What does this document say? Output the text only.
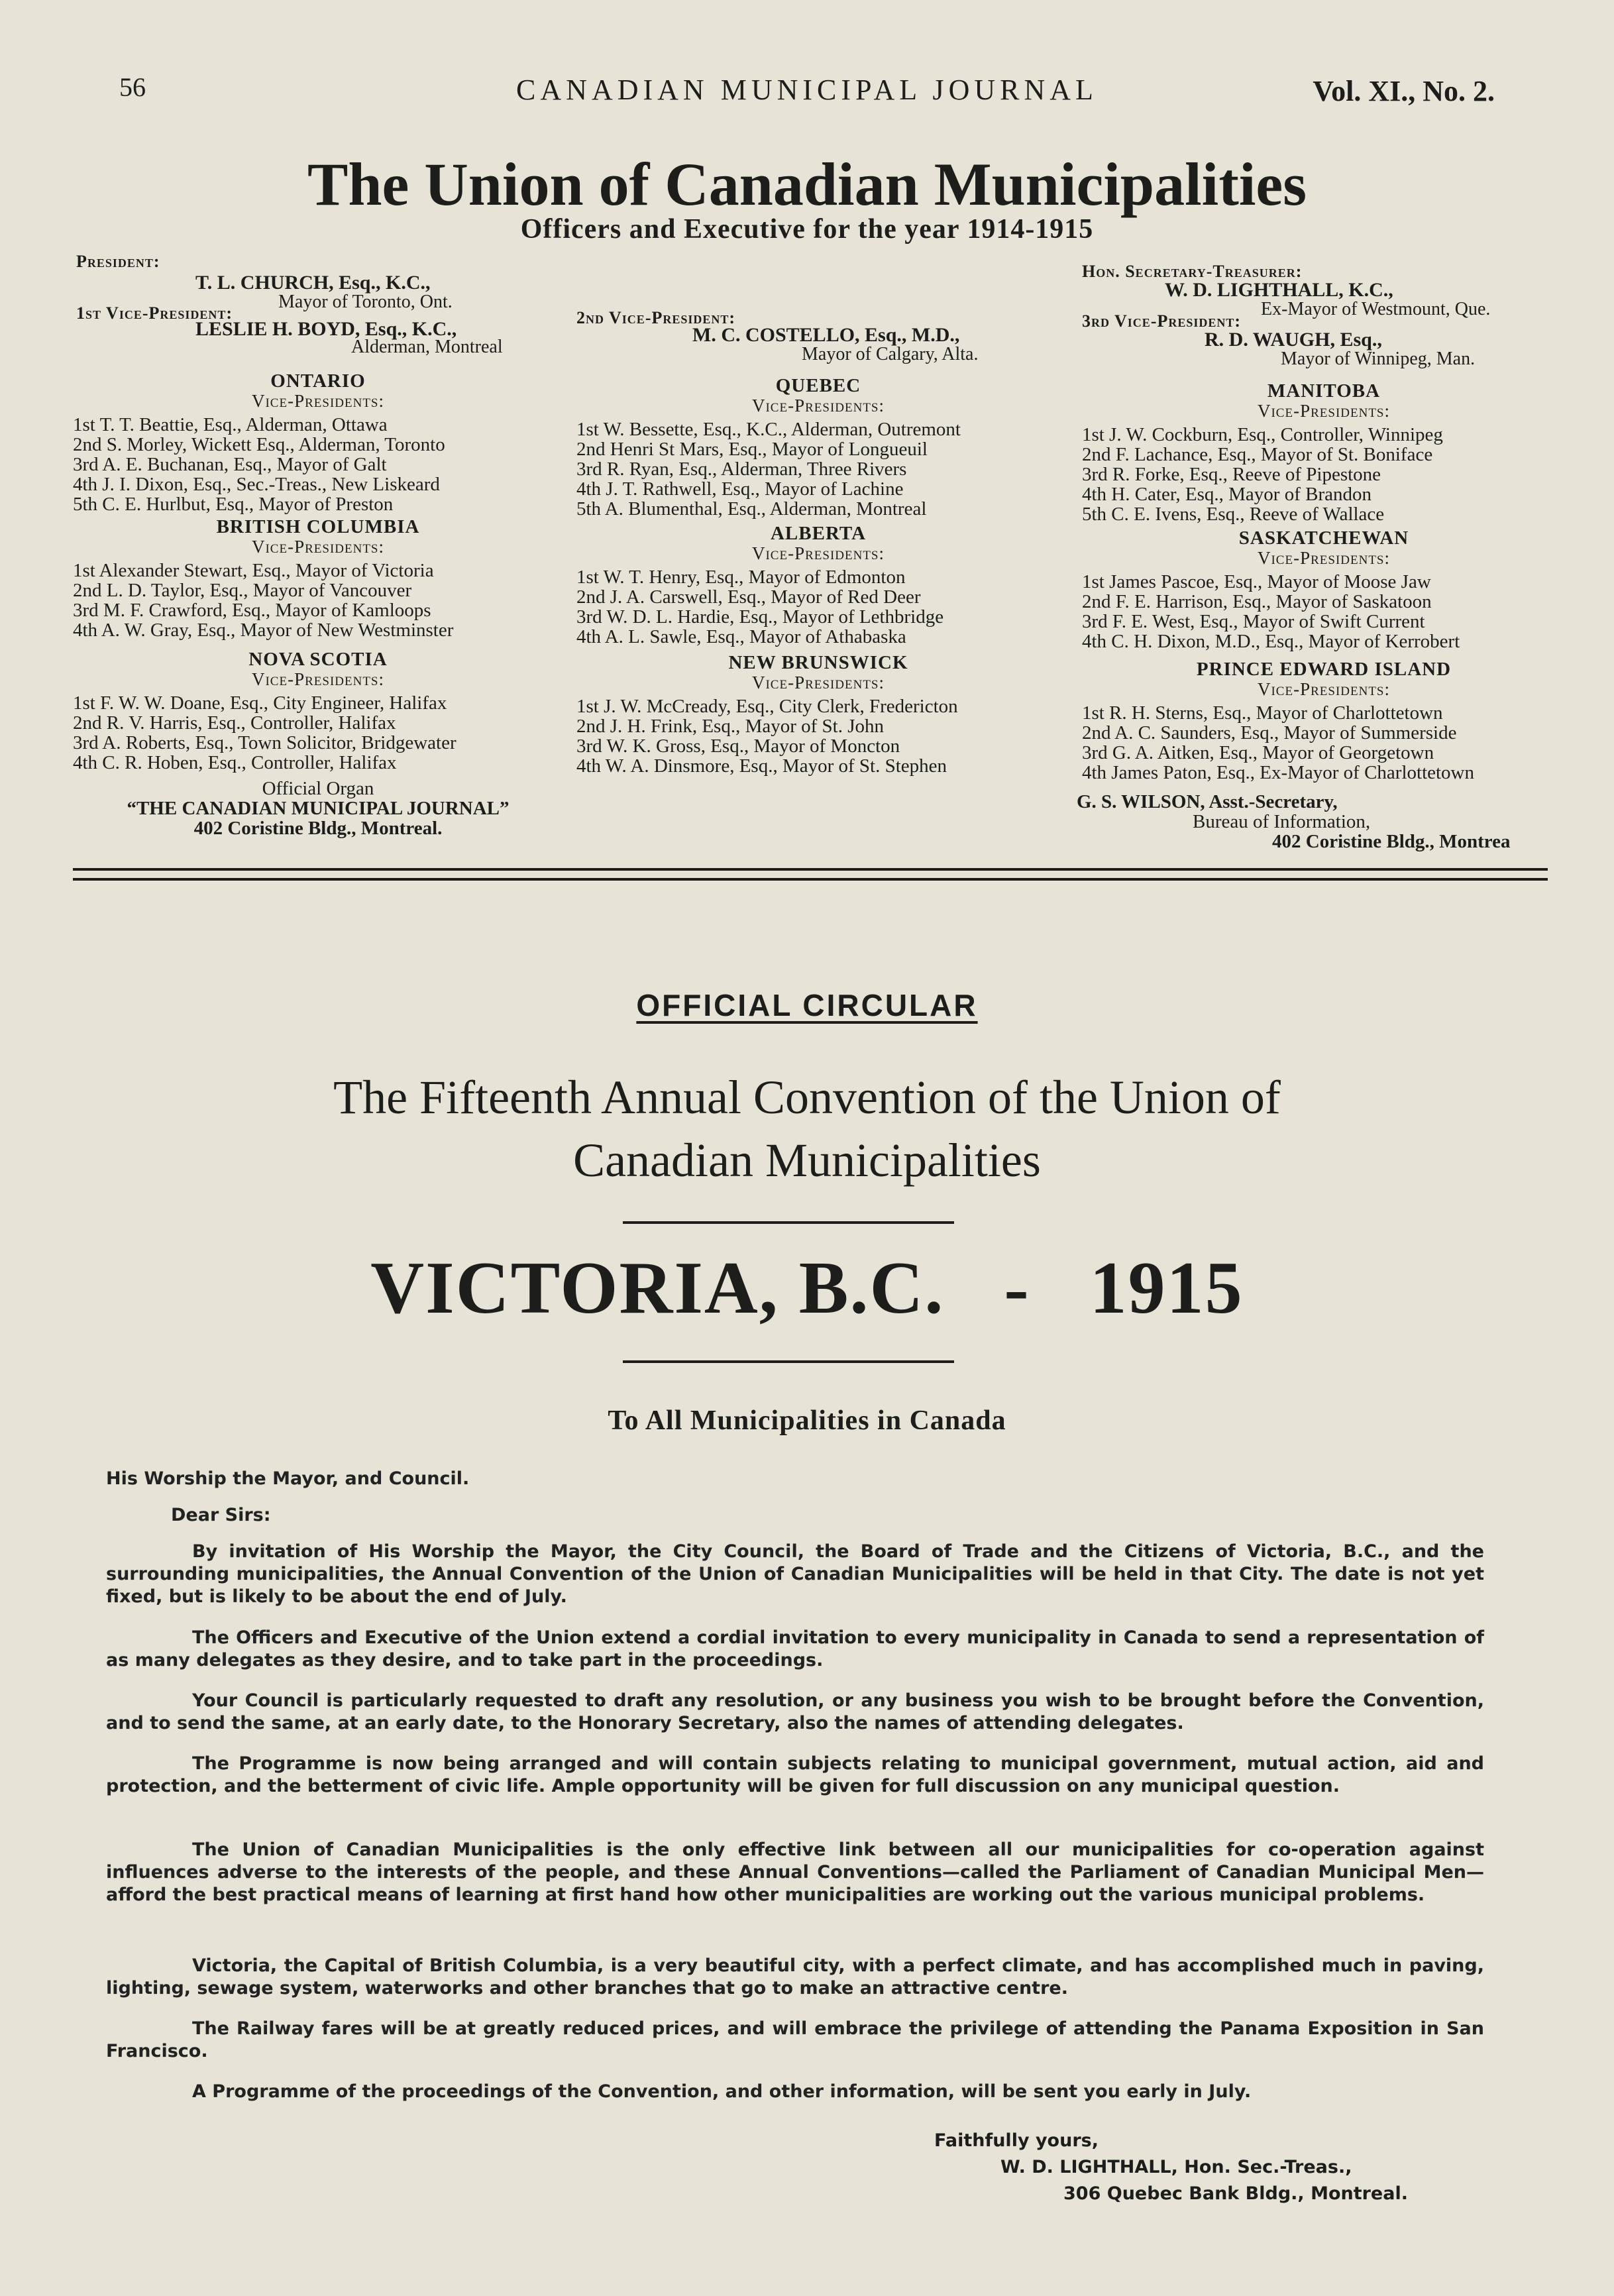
56	CANADIAN MUNICIPAL JOURNAL	Vol. XI., No. 2.
The Union of Canadian Municipalities
Officers and Executive for the year 1914-1915
President:
T. L. CHURCH, Esq., K.C.,
Mayor of Toronto, Ont.
1st Vice-President:
LESLIE H. BOYD, Esq., K.C.,
Alderman, Montreal
2nd Vice-President:
M. C. COSTELLO, Esq., M.D.,
Mayor of Calgary, Alta.
Hon. Secretary-Treasurer:
W. D. LIGHTHALL, K.C.,
Ex-Mayor of Westmount, Que.
3rd Vice-President:
R. D. WAUGH, Esq.,
Mayor of Winnipeg, Man.
ONTARIO
Vice-Presidents:
1st T. T. Beattie, Esq., Alderman, Ottawa
2nd S. Morley, Wickett Esq., Alderman, Toronto
3rd A. E. Buchanan, Esq., Mayor of Galt
4th J. I. Dixon, Esq., Sec.-Treas., New Liskeard
5th C. E. Hurlbut, Esq., Mayor of Preston
BRITISH COLUMBIA
Vice-Presidents:
1st Alexander Stewart, Esq., Mayor of Victoria
2nd L. D. Taylor, Esq., Mayor of Vancouver
3rd M. F. Crawford, Esq., Mayor of Kamloops
4th A. W. Gray, Esq., Mayor of New Westminster
NOVA SCOTIA
Vice-Presidents:
1st F. W. W. Doane, Esq., City Engineer, Halifax
2nd R. V. Harris, Esq., Controller, Halifax
3rd A. Roberts, Esq., Town Solicitor, Bridgewater
4th C. R. Hoben, Esq., Controller, Halifax
Official Organ
“THE CANADIAN MUNICIPAL JOURNAL”
402 Coristine Bldg., Montreal.
QUEBEC
Vice-Presidents:
1st W. Bessette, Esq., K.C., Alderman, Outremont
2nd Henri St Mars, Esq., Mayor of Longueuil
3rd R. Ryan, Esq., Alderman, Three Rivers
4th J. T. Rathwell, Esq., Mayor of Lachine
5th A. Blumenthal, Esq., Alderman, Montreal
ALBERTA
Vice-Presidents:
1st W. T. Henry, Esq., Mayor of Edmonton
2nd J. A. Carswell, Esq., Mayor of Red Deer
3rd W. D. L. Hardie, Esq., Mayor of Lethbridge
4th A. L. Sawle, Esq., Mayor of Athabaska
NEW BRUNSWICK
Vice-Presidents:
1st J. W. McCready, Esq., City Clerk, Fredericton
2nd J. H. Frink, Esq., Mayor of St. John
3rd W. K. Gross, Esq., Mayor of Moncton
4th W. A. Dinsmore, Esq., Mayor of St. Stephen
MANITOBA
Vice-Presidents:
1st J. W. Cockburn, Esq., Controller, Winnipeg
2nd F. Lachance, Esq., Mayor of St. Boniface
3rd R. Forke, Esq., Reeve of Pipestone
4th H. Cater, Esq., Mayor of Brandon
5th C. E. Ivens, Esq., Reeve of Wallace
SASKATCHEWAN
Vice-Presidents:
1st James Pascoe, Esq., Mayor of Moose Jaw
2nd F. E. Harrison, Esq., Mayor of Saskatoon
3rd F. E. West, Esq., Mayor of Swift Current
4th C. H. Dixon, M.D., Esq., Mayor of Kerrobert
PRINCE EDWARD ISLAND
Vice-Presidents:
1st R. H. Sterns, Esq., Mayor of Charlottetown
2nd A. C. Saunders, Esq., Mayor of Summerside
3rd G. A. Aitken, Esq., Mayor of Georgetown
4th James Paton, Esq., Ex-Mayor of Charlottetown
G. S. WILSON, Asst.-Secretary,
Bureau of Information,
402 Coristine Bldg., Montrea
OFFICIAL CIRCULAR
The Fifteenth Annual Convention of the Union of
Canadian Municipalities
VICTORIA, B.C.   -   1915
To All Municipalities in Canada
His Worship the Mayor, and Council.
Dear Sirs:
By invitation of His Worship the Mayor, the City Council, the Board of Trade and the Citizens of Victoria, B.C., and the surrounding municipalities, the Annual Convention of the Union of Canadian Municipalities will be held in that City. The date is not yet fixed, but is likely to be about the end of July.
The Officers and Executive of the Union extend a cordial invitation to every municipality in Canada to send a representation of as many delegates as they desire, and to take part in the proceedings.
Your Council is particularly requested to draft any resolution, or any business you wish to be brought before the Convention, and to send the same, at an early date, to the Honorary Secretary, also the names of attending delegates.
The Programme is now being arranged and will contain subjects relating to municipal government, mutual action, aid and protection, and the betterment of civic life. Ample opportunity will be given for full discussion on any municipal question.
The Union of Canadian Municipalities is the only effective link between all our municipalities for co-operation against influences adverse to the interests of the people, and these Annual Conventions—called the Parliament of Canadian Municipal Men—afford the best practical means of learning at first hand how other municipalities are working out the various municipal problems.
Victoria, the Capital of British Columbia, is a very beautiful city, with a perfect climate, and has accomplished much in paving, lighting, sewage system, waterworks and other branches that go to make an attractive centre.
The Railway fares will be at greatly reduced prices, and will embrace the privilege of attending the Panama Exposition in San Francisco.
A Programme of the proceedings of the Convention, and other information, will be sent you early in July.
Faithfully yours,
W. D. LIGHTHALL, Hon. Sec.-Treas.,
306 Quebec Bank Bldg., Montreal.
